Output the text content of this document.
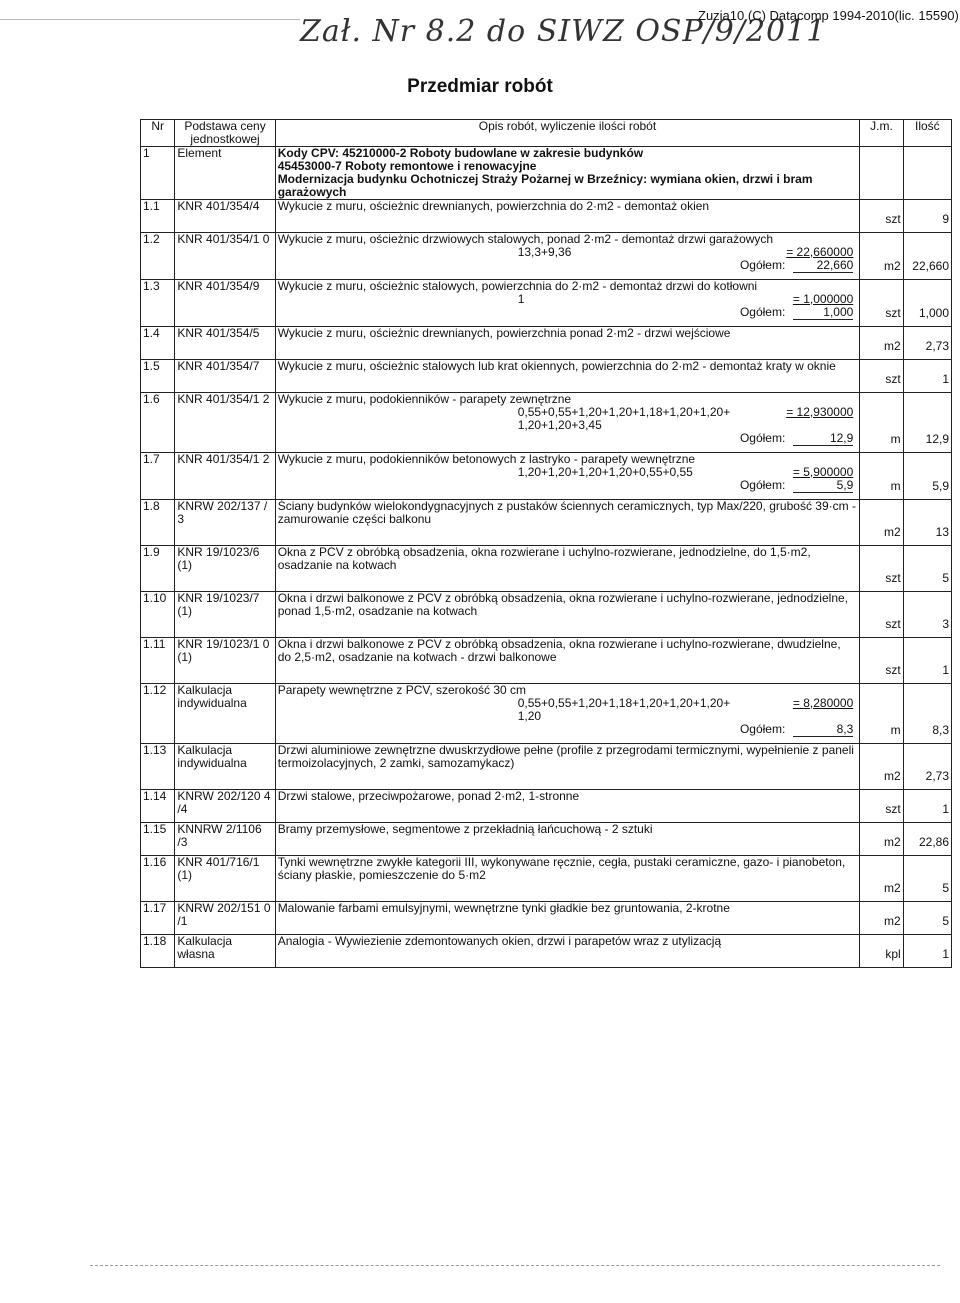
Zał. Nr 8.2 do SIWZ OSP/9/2011
Zuzia10 (C) Datacomp 1994-2010(lic. 15590)
Przedmiar robót
Nr	Podstawa ceny jednostkowej	Opis robót, wyliczenie ilości robót	J.m.	Ilość
1	Element	Kody CPV: 45210000-2 Roboty budowlane w zakresie budynków
45453000-7 Roboty remontowe i renowacyjne
Modernizacja budynku Ochotniczej Straży Pożarnej w Brzeźnicy: wymiana okien, drzwi i bram garażowych		

1.1	KNR 401/354/4	Wykucie z muru, ościeżnic drewnianych, powierzchnia do 2·m2 - demontaż okien	szt	9

1.2	KNR 401/354/1 0	Wykucie z muru, ościeżnic drzwiowych stalowych, ponad 2·m2 - demontaż drzwi garażowych
13,3+9,36 = 22,660000
Ogółem: 22,660	m2	22,660

1.3	KNR 401/354/9	Wykucie z muru, ościeżnic stalowych, powierzchnia do 2·m2 - demontaż drzwi do kotłowni
1 = 1,000000
Ogółem: 1,000	szt	1,000

1.4	KNR 401/354/5	Wykucie z muru, ościeżnic drewnianych, powierzchnia ponad 2·m2 - drzwi wejściowe	m2	2,73

1.5	KNR 401/354/7	Wykucie z muru, ościeżnic stalowych lub krat okiennych, powierzchnia do 2·m2 - demontaż kraty w oknie	szt	1

1.6	KNR 401/354/1 2	Wykucie z muru, podokienników - parapety zewnętrzne
0,55+0,55+1,20+1,20+1,18+1,20+1,20+ 1,20+1,20+3,45
= 12,930000
Ogółem: 12,9	m	12,9

1.7	KNR 401/354/1 2	Wykucie z muru, podokienników betonowych z lastryko - parapety wewnętrzne
1,20+1,20+1,20+1,20+0,55+0,55 = 5,900000
Ogółem: 5,9	m	5,9

1.8	KNRW 202/137 / 3	Ściany budynków wielokondygnacyjnych z pustaków ściennych ceramicznych, typ Max/220, grubość 39·cm - zamurowanie części balkonu	m2	13

1.9	KNR 19/1023/6 (1)	Okna z PCV z obróbką obsadzenia, okna rozwierane i uchylno-rozwierane, jednodzielne, do 1,5·m2, osadzanie na kotwach	szt	5

1.10	KNR 19/1023/7 (1)	Okna i drzwi balkonowe z PCV z obróbką obsadzenia, okna rozwierane i uchylno-rozwierane, jednodzielne, ponad 1,5·m2, osadzanie na kotwach	szt	3

1.11	KNR 19/1023/1 0 (1)	Okna i drzwi balkonowe z PCV z obróbką obsadzenia, okna rozwierane i uchylno-rozwierane, dwudzielne, do 2,5·m2, osadzanie na kotwach - drzwi balkonowe	szt	1

1.12	Kalkulacja indywidualna	Parapety wewnętrzne z PCV, szerokość 30 cm
0,55+0,55+1,20+1,18+1,20+1,20+1,20+ 1,20
= 8,280000
Ogółem: 8,3	m	8,3

1.13	Kalkulacja indywidualna	Drzwi aluminiowe zewnętrzne dwuskrzydłowe pełne (profile z przegrodami termicznymi, wypełnienie z paneli termoizolacyjnych, 2 zamki, samozamykacz)	m2	2,73

1.14	KNRW 202/120 4 /4	Drzwi stalowe, przeciwpożarowe, ponad 2·m2, 1-stronne	szt	1

1.15	KNNRW 2/1106 /3	Bramy przemysłowe, segmentowe z przekładnią łańcuchową - 2 sztuki	m2	22,86

1.16	KNR 401/716/1 (1)	Tynki wewnętrzne zwykłe kategorii III, wykonywane ręcznie, cegła, pustaki ceramiczne, gazo- i pianobeton, ściany płaskie, pomieszczenie do 5·m2	m2	5

1.17	KNRW 202/151 0 /1	Malowanie farbami emulsyjnymi, wewnętrzne tynki gładkie bez gruntowania, 2-krotne	m2	5

1.18	Kalkulacja własna	Analogia - Wywiezienie zdemontowanych okien, drzwi i parapetów wraz z utylizacją	kpl	1
